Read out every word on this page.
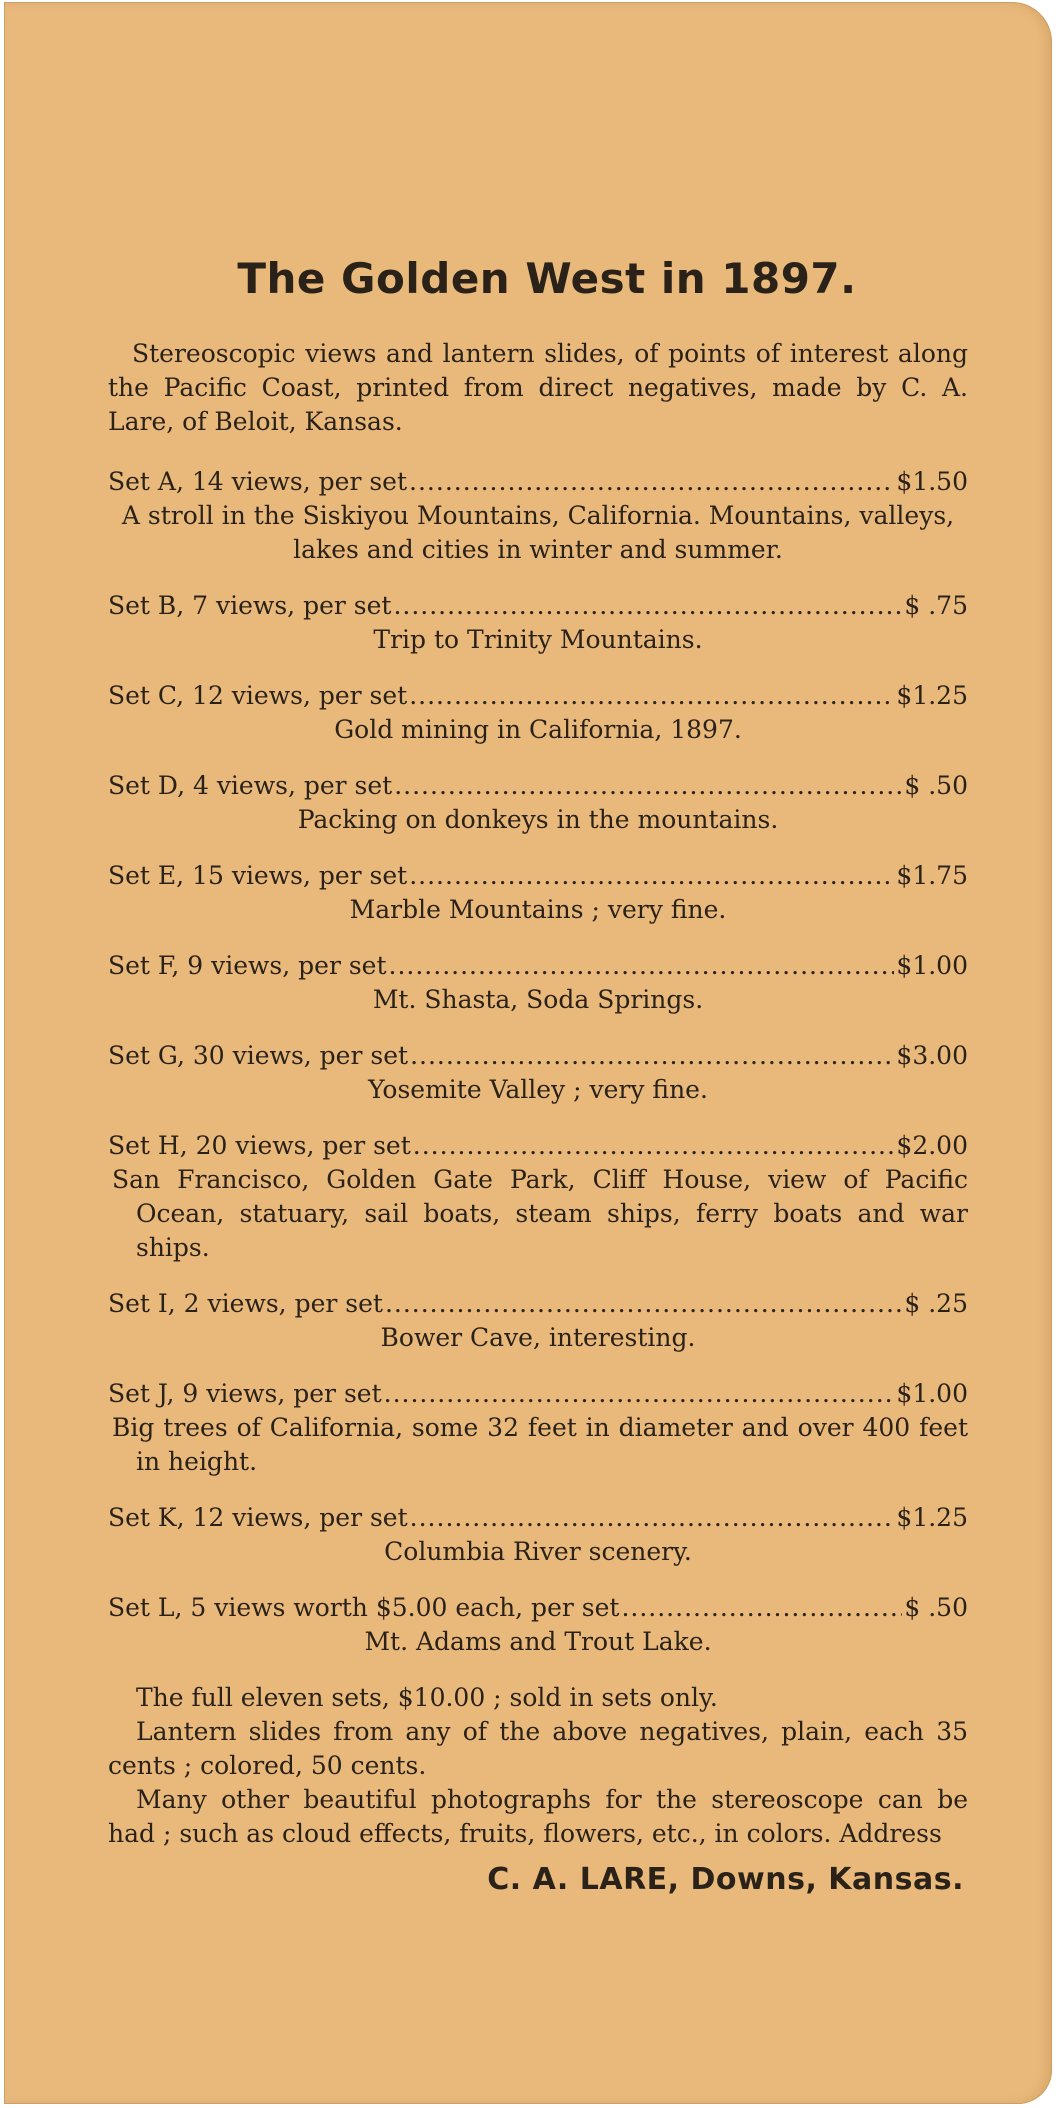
The Golden West in 1897.

Stereoscopic views and lantern slides, of points of interest along the Pacific Coast, printed from direct negatives, made by C. A. Lare, of Beloit, Kansas.

Set A, 14 views, per set .....	$1.50
A stroll in the Siskiyou Mountains, California. Mountains, valleys, lakes and cities in winter and summer.
Set B, 7 views, per set .....	$ .75
Trip to Trinity Mountains.
Set C, 12 views, per set .....	$1.25
Gold mining in California, 1897.
Set D, 4 views, per set .....	$ .50
Packing on donkeys in the mountains.
Set E, 15 views, per set .....	$1.75
Marble Mountains ; very fine.
Set F, 9 views, per set .....	$1.00
Mt. Shasta, Soda Springs.
Set G, 30 views, per set .....	$3.00
Yosemite Valley ; very fine.
Set H, 20 views, per set .....	$2.00
San Francisco, Golden Gate Park, Cliff House, view of Pacific Ocean, statuary, sail boats, steam ships, ferry boats and war ships.
Set I, 2 views, per set .....	$ .25
Bower Cave, interesting.
Set J, 9 views, per set .....	$1.00
Big trees of California, some 32 feet in diameter and over 400 feet in height.
Set K, 12 views, per set .....	$1.25
Columbia River scenery.
Set L, 5 views worth $5.00 each, per set .....	$ .50
Mt. Adams and Trout Lake.

The full eleven sets, $10.00 ; sold in sets only.

Lantern slides from any of the above negatives, plain, each 35 cents ; colored, 50 cents.

Many other beautiful photographs for the stereoscope can be had ; such as cloud effects, fruits, flowers, etc., in colors. Address

C. A. LARE, Downs, Kansas.
